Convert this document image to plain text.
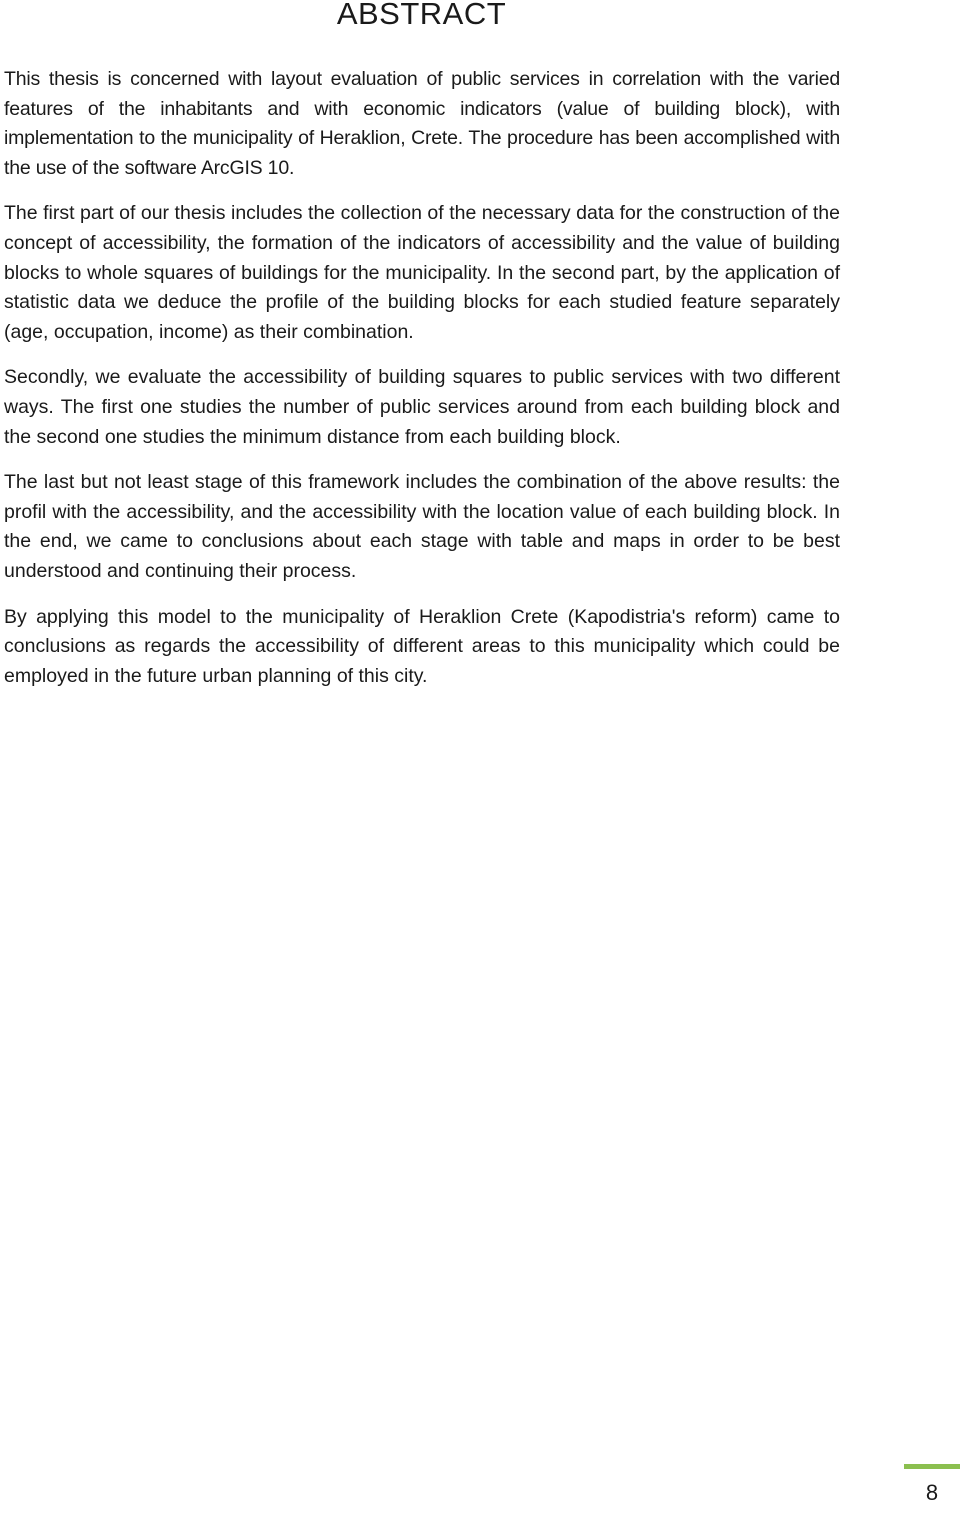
ABSTRACT

This thesis is concerned with layout evaluation of public services in correlation with the varied features of the inhabitants and with economic indicators (value of building block), with implementation to the municipality of Heraklion, Crete. The procedure has been accomplished with the use of the software ArcGIS 10.

The first part of our thesis includes the collection of the necessary data for the construction of the concept of accessibility, the formation of the indicators of accessibility and the value of building blocks to whole squares of buildings for the municipality. In the second part, by the application of statistic data we deduce the profile of the building blocks for each studied feature separately (age, occupation, income) as their combination.

Secondly, we evaluate the accessibility of building squares to public services with two different ways. The first one studies the number of public services around from each building block and the second one studies the minimum distance from each building block.

The last but not least stage of this framework includes the combination of the above results: the profil with the accessibility, and the accessibility with the location value of each building block. In the end, we came to conclusions about each stage with table and maps in order to be best understood and continuing their process.

By applying this model to the municipality of Heraklion Crete (Kapodistria's reform) came to conclusions as regards the accessibility of different areas to this municipality which could be employed in the future urban planning of this city.

8
